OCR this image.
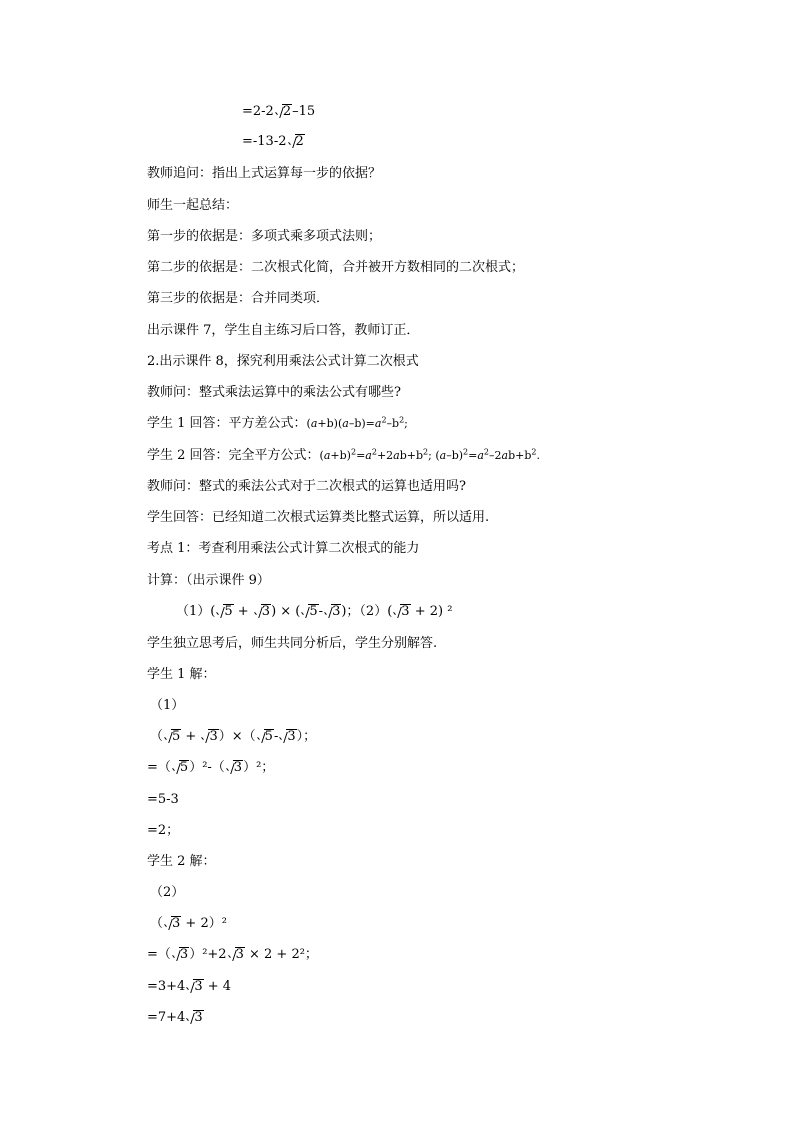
=2-2 2–15
=-13-2 2
教师追问：指出上式运算每一步的依据？
师生一起总结：
第一步的依据是：多项式乘多项式法则；
第二步的依据是：二次根式化简，合并被开方数相同的二次根式；
第三步的依据是：合并同类项．
出示课件 7，学生自主练习后口答，教师订正．
2.出示课件 8，探究利用乘法公式计算二次根式
教师问：整式乘法运算中的乘法公式有哪些?
学生 1 回答：平方差公式：$(a+b)(a-b)=a^2-b^2$;
学生 2 回答：完全平方公式：$(a+b)^2=a^2+2ab+b^2$; $(a-b)^2=a^2-2ab+b^2$.
教师问：整式的乘法公式对于二次根式的运算也适用吗?
学生回答：已经知道二次根式运算类比整式运算，所以适用.
考点 1：考查利用乘法公式计算二次根式的能力
计算：（出示课件 9）
（1）( 5 + 3) × ( 5- 3)；（2）( 3 + 2) ²
学生独立思考后，师生共同分析后，学生分别解答.
学生 1 解：
（1）
（ 5 + 3）×（ 5- 3）；
=（ 5）²-（ 3）²；
=5-3
=2；
学生 2 解：
（2）
（ 3 + 2）²
=（ 3）²+2 3 × 2 + 2²；
=3+4 3 + 4
=7+4 3
